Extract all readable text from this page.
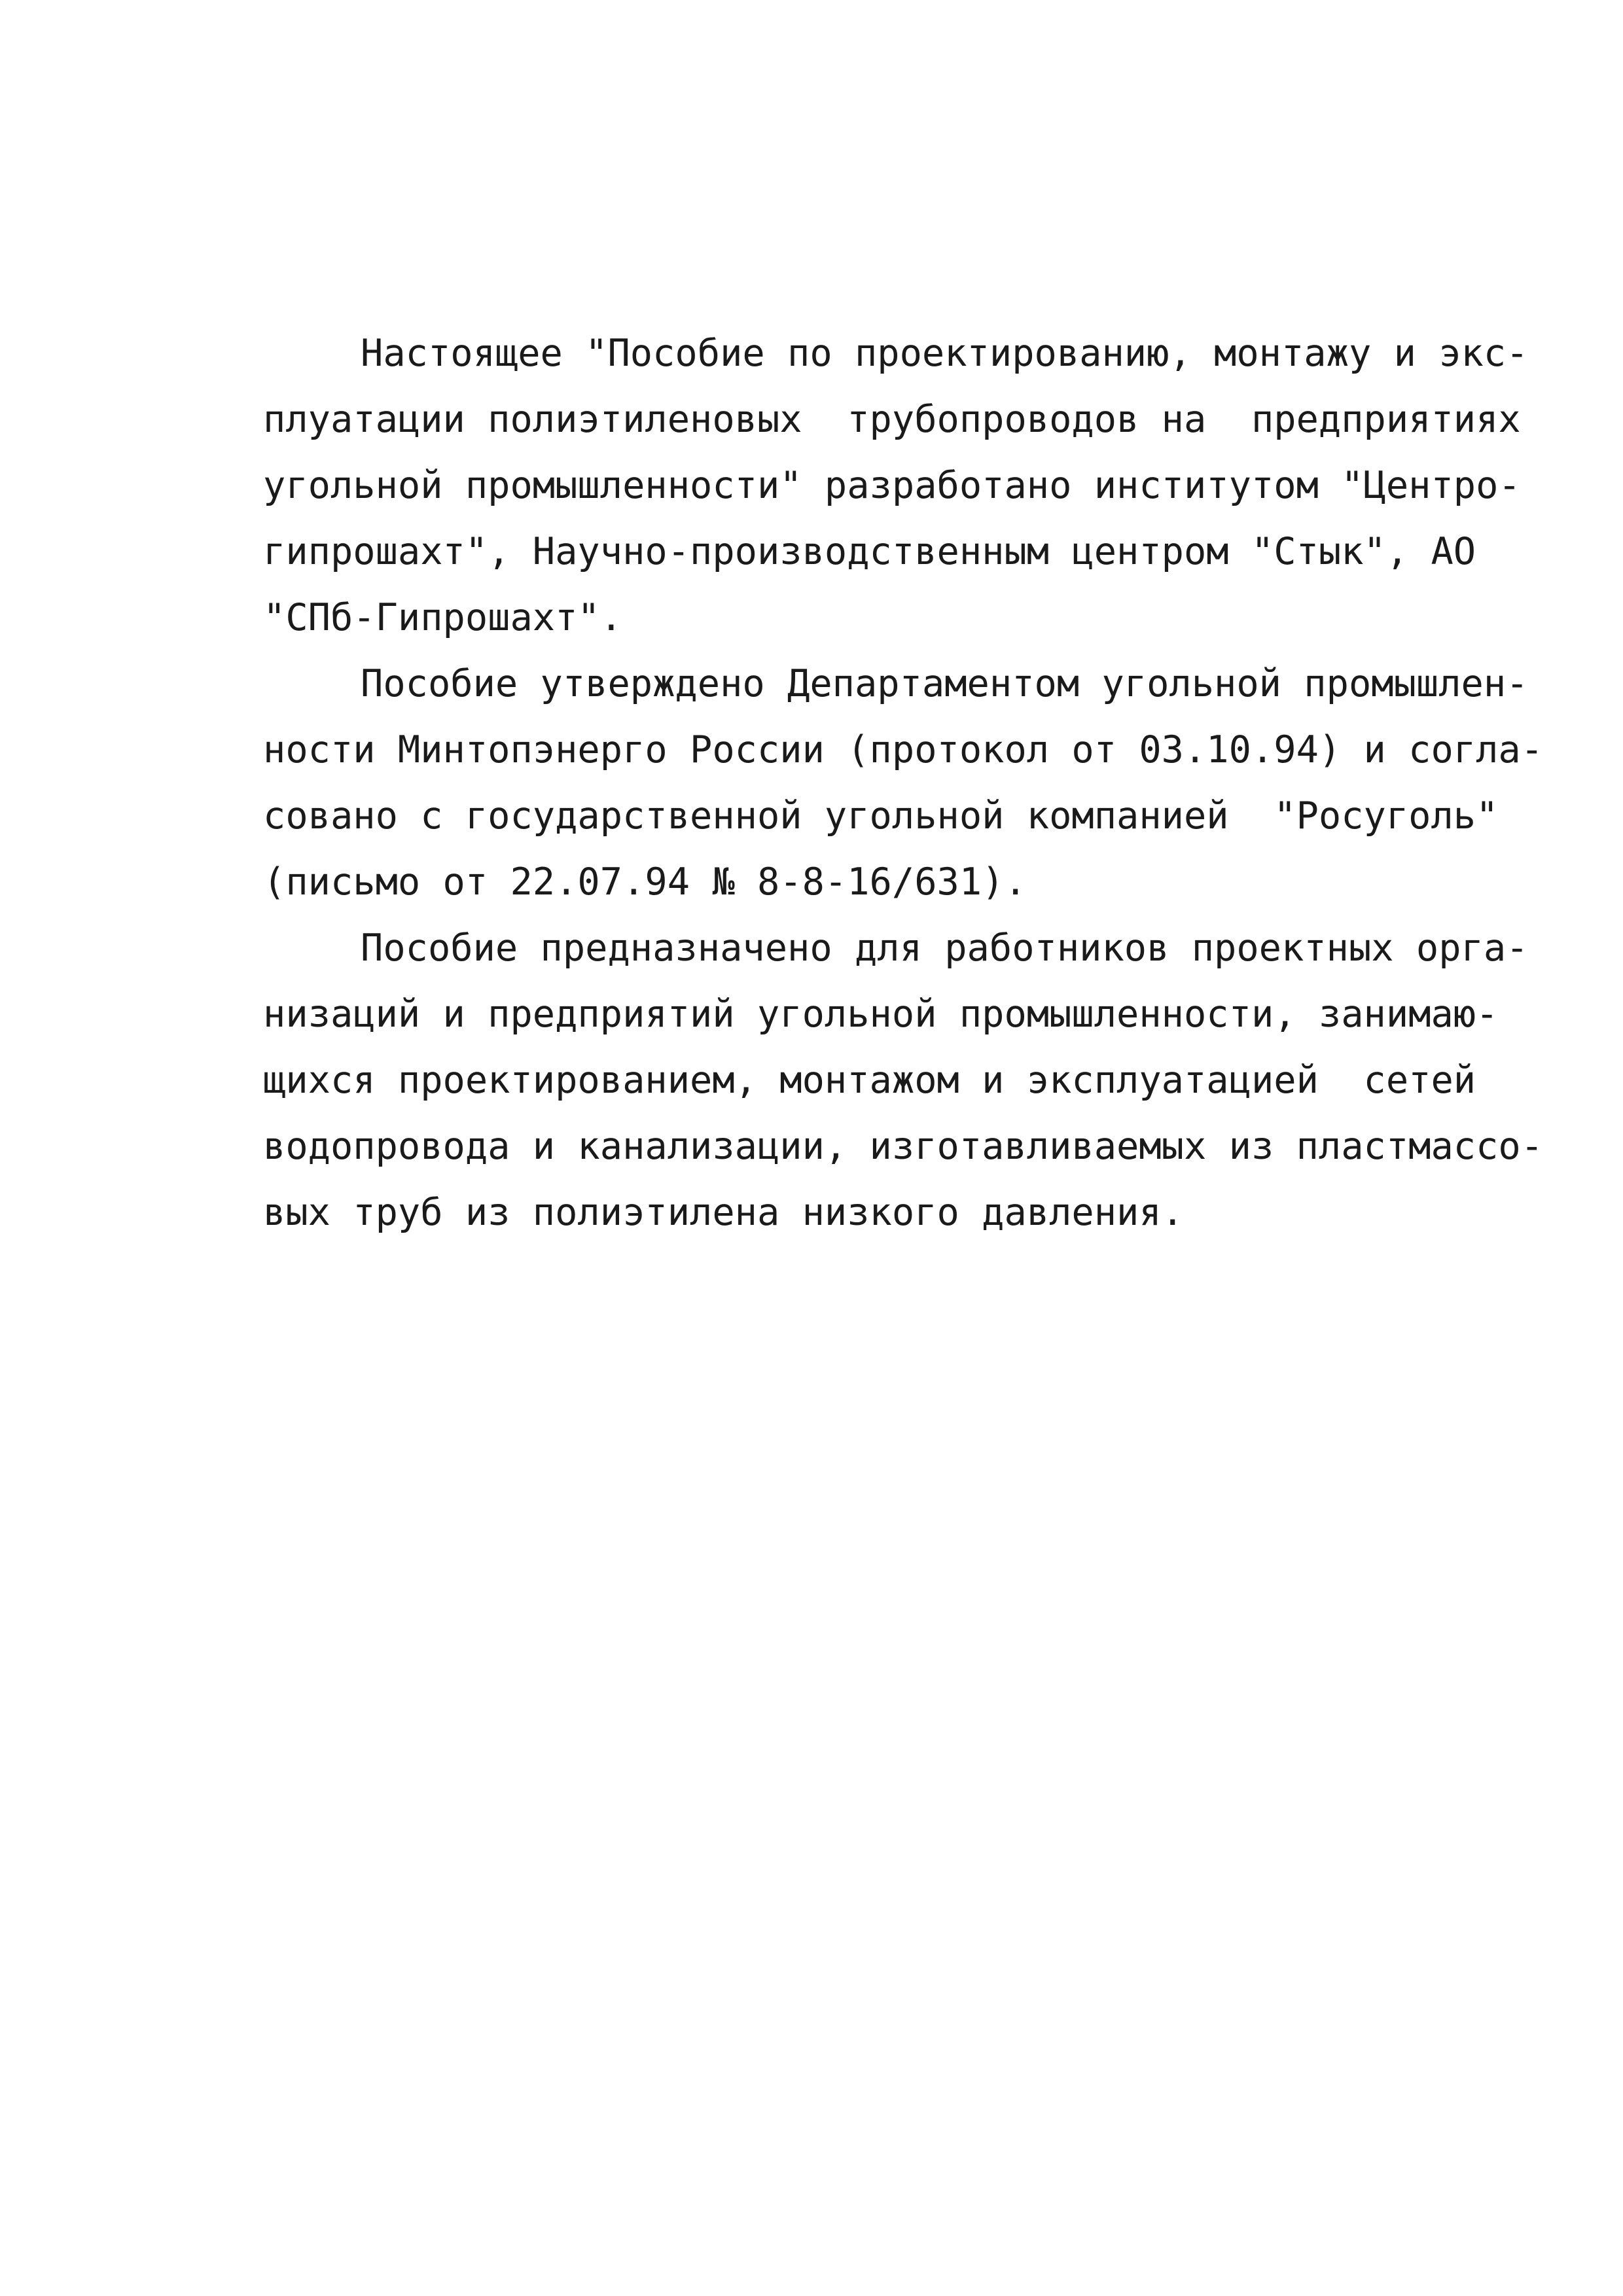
Настоящее "Пособие по проектированию, монтажу и экс-
плуатации полиэтиленовых  трубопроводов на  предприятиях
угольной промышленности" разработано институтом "Центро-
гипрошахт", Научно-производственным центром "Стык", АО
"СПб-Гипрошахт".
Пособие утверждено Департаментом угольной промышлен-
ности Минтопэнерго России (протокол от 03.10.94) и согла-
совано с государственной угольной компанией  "Росуголь"
(письмо от 22.07.94 № 8-8-16/631).
Пособие предназначено для работников проектных орга-
низаций и предприятий угольной промышленности, занимаю-
щихся проектированием, монтажом и эксплуатацией  сетей
водопровода и канализации, изготавливаемых из пластмассо-
вых труб из полиэтилена низкого давления.
